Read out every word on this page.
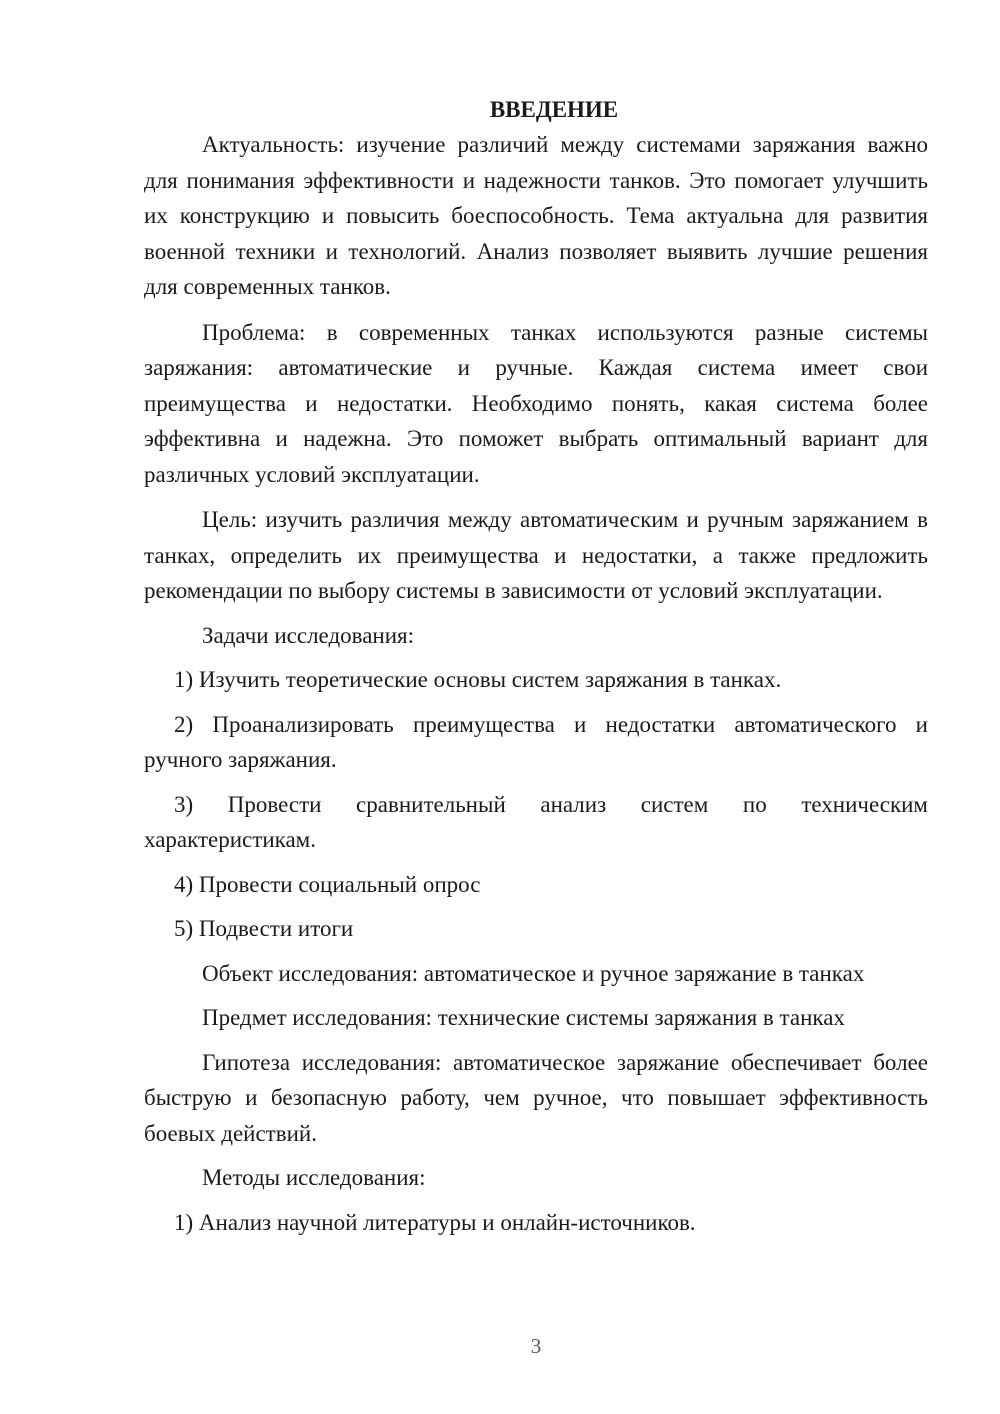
ВВЕДЕНИЕ

Актуальность: изучение различий между системами заряжания важно для понимания эффективности и надежности танков. Это помогает улучшить их конструкцию и повысить боеспособность. Тема актуальна для развития военной техники и технологий. Анализ позволяет выявить лучшие решения для современных танков.

Проблема: в современных танках используются разные системы заряжания: автоматические и ручные. Каждая система имеет свои преимущества и недостатки. Необходимо понять, какая система более эффективна и надежна. Это поможет выбрать оптимальный вариант для различных условий эксплуатации.

Цель: изучить различия между автоматическим и ручным заряжанием в танках, определить их преимущества и недостатки, а также предложить рекомендации по выбору системы в зависимости от условий эксплуатации.

Задачи исследования:

1) Изучить теоретические основы систем заряжания в танках.

2) Проанализировать преимущества и недостатки автоматического и ручного заряжания.

3) Провести сравнительный анализ систем по техническим характеристикам.

4) Провести социальный опрос

5) Подвести итоги

Объект исследования: автоматическое и ручное заряжание в танках

Предмет исследования: технические системы заряжания в танках

Гипотеза исследования: автоматическое заряжание обеспечивает более быструю и безопасную работу, чем ручное, что повышает эффективность боевых действий.

Методы исследования:

1) Анализ научной литературы и онлайн-источников.

3
